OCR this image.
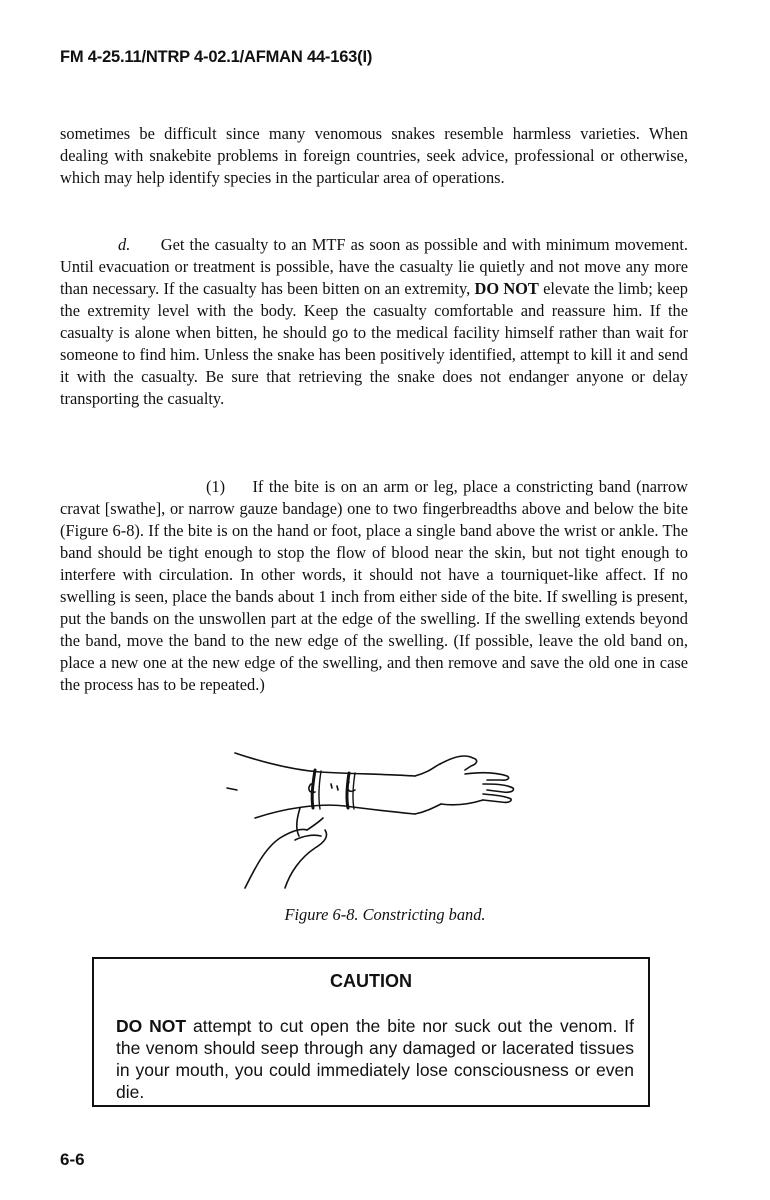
FM 4-25.11/NTRP 4-02.1/AFMAN 44-163(I)

sometimes be difficult since many venomous snakes resemble harmless varieties. When dealing with snakebite problems in foreign countries, seek advice, professional or otherwise, which may help identify species in the particular area of operations.

d. Get the casualty to an MTF as soon as possible and with minimum movement. Until evacuation or treatment is possible, have the casualty lie quietly and not move any more than necessary. If the casualty has been bitten on an extremity, DO NOT elevate the limb; keep the extremity level with the body. Keep the casualty comfortable and reassure him. If the casualty is alone when bitten, he should go to the medical facility himself rather than wait for someone to find him. Unless the snake has been positively identified, attempt to kill it and send it with the casualty. Be sure that retrieving the snake does not endanger anyone or delay transporting the casualty.

(1) If the bite is on an arm or leg, place a constricting band (narrow cravat [swathe], or narrow gauze bandage) one to two fingerbreadths above and below the bite (Figure 6-8). If the bite is on the hand or foot, place a single band above the wrist or ankle. The band should be tight enough to stop the flow of blood near the skin, but not tight enough to interfere with circulation. In other words, it should not have a tourniquet-like affect. If no swelling is seen, place the bands about 1 inch from either side of the bite. If swelling is present, put the bands on the unswollen part at the edge of the swelling. If the swelling extends beyond the band, move the band to the new edge of the swelling. (If possible, leave the old band on, place a new one at the new edge of the swelling, and then remove and save the old one in case the process has to be repeated.)

Figure 6-8. Constricting band.
CAUTION

DO NOT attempt to cut open the bite nor suck out the venom. If the venom should seep through any damaged or lacerated tissues in your mouth, you could immediately lose consciousness or even die.

6-6
